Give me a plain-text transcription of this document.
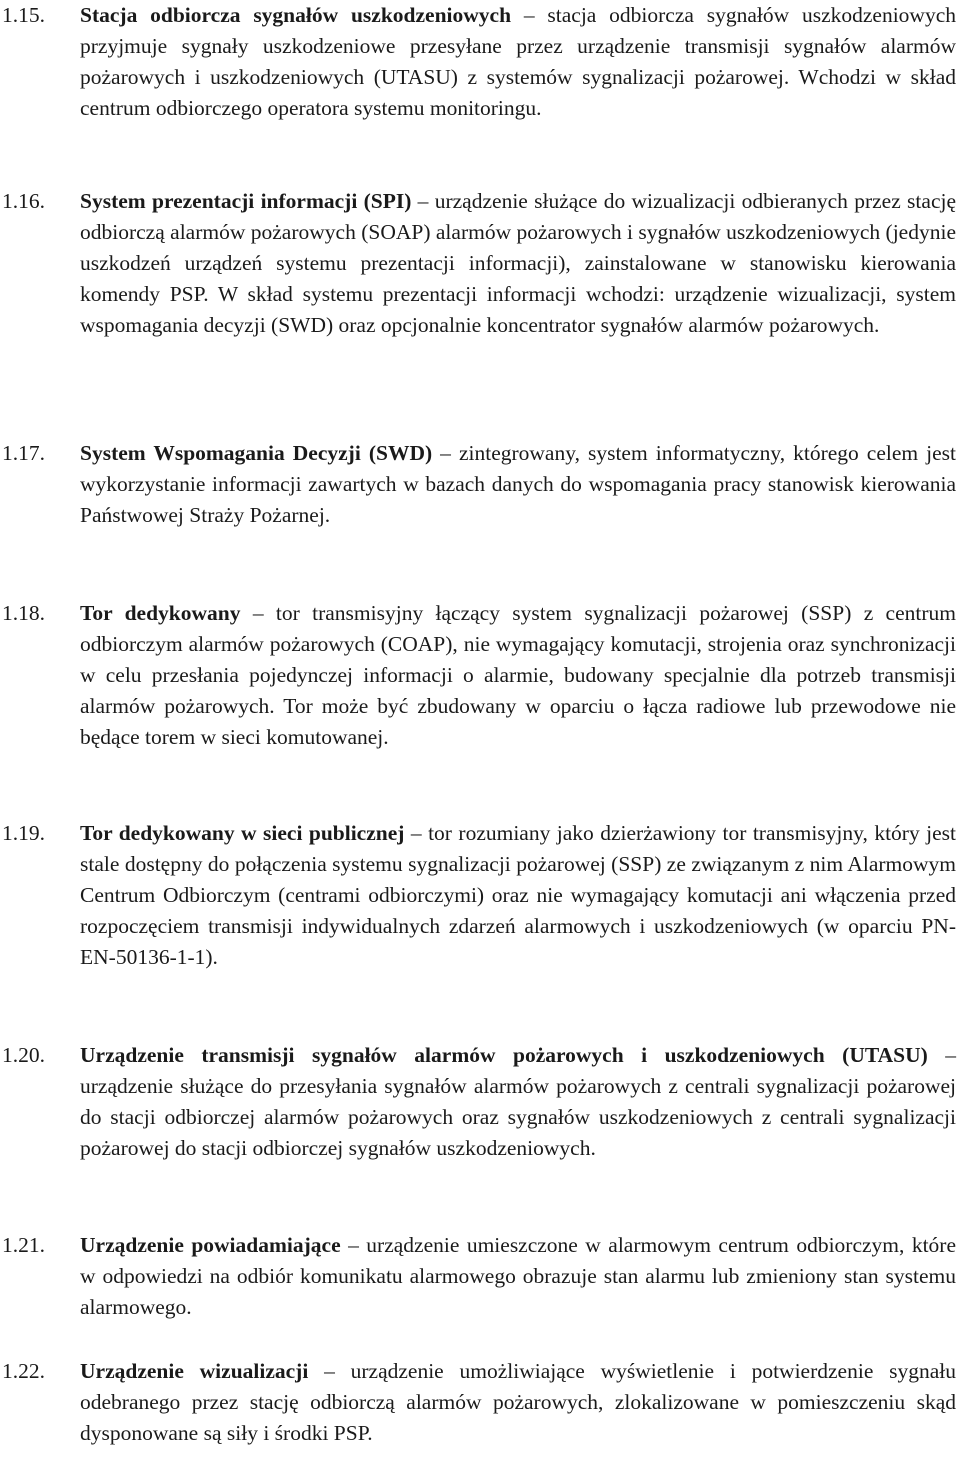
1.15. Stacja odbiorcza sygnałów uszkodzeniowych – stacja odbiorcza sygnałów uszkodzeniowych przyjmuje sygnały uszkodzeniowe przesyłane przez urządzenie transmisji sygnałów alarmów pożarowych i uszkodzeniowych (UTASU) z systemów sygnalizacji pożarowej. Wchodzi w skład centrum odbiorczego operatora systemu monitoringu.
1.16. System prezentacji informacji (SPI) – urządzenie służące do wizualizacji odbieranych przez stację odbiorczą alarmów pożarowych (SOAP) alarmów pożarowych i sygnałów uszkodzeniowych (jedynie uszkodzeń urządzeń systemu prezentacji informacji), zainstalowane w stanowisku kierowania komendy PSP. W skład systemu prezentacji informacji wchodzi: urządzenie wizualizacji, system wspomagania decyzji (SWD) oraz opcjonalnie koncentrator sygnałów alarmów pożarowych.
1.17. System Wspomagania Decyzji (SWD) – zintegrowany, system informatyczny, którego celem jest wykorzystanie informacji zawartych w bazach danych do wspomagania pracy stanowisk kierowania Państwowej Straży Pożarnej.
1.18. Tor dedykowany – tor transmisyjny łączący system sygnalizacji pożarowej (SSP) z centrum odbiorczym alarmów pożarowych (COAP), nie wymagający komutacji, strojenia oraz synchronizacji w celu przesłania pojedynczej informacji o alarmie, budowany specjalnie dla potrzeb transmisji alarmów pożarowych. Tor może być zbudowany w oparciu o łącza radiowe lub przewodowe nie będące torem w sieci komutowanej.
1.19. Tor dedykowany w sieci publicznej – tor rozumiany jako dzierżawiony tor transmisyjny, który jest stale dostępny do połączenia systemu sygnalizacji pożarowej (SSP) ze związanym z nim Alarmowym Centrum Odbiorczym (centrami odbiorczymi) oraz nie wymagający komutacji ani włączenia przed rozpoczęciem transmisji indywidualnych zdarzeń alarmowych i uszkodzeniowych (w oparciu PN-EN-50136-1-1).
1.20. Urządzenie transmisji sygnałów alarmów pożarowych i uszkodzeniowych (UTASU) – urządzenie służące do przesyłania sygnałów alarmów pożarowych z centrali sygnalizacji pożarowej do stacji odbiorczej alarmów pożarowych oraz sygnałów uszkodzeniowych z centrali sygnalizacji pożarowej do stacji odbiorczej sygnałów uszkodzeniowych.
1.21. Urządzenie powiadamiające – urządzenie umieszczone w alarmowym centrum odbiorczym, które w odpowiedzi na odbiór komunikatu alarmowego obrazuje stan alarmu lub zmieniony stan systemu alarmowego.
1.22. Urządzenie wizualizacji – urządzenie umożliwiające wyświetlenie i potwierdzenie sygnału odebranego przez stację odbiorczą alarmów pożarowych, zlokalizowane w pomieszczeniu skąd dysponowane są siły i środki PSP.
